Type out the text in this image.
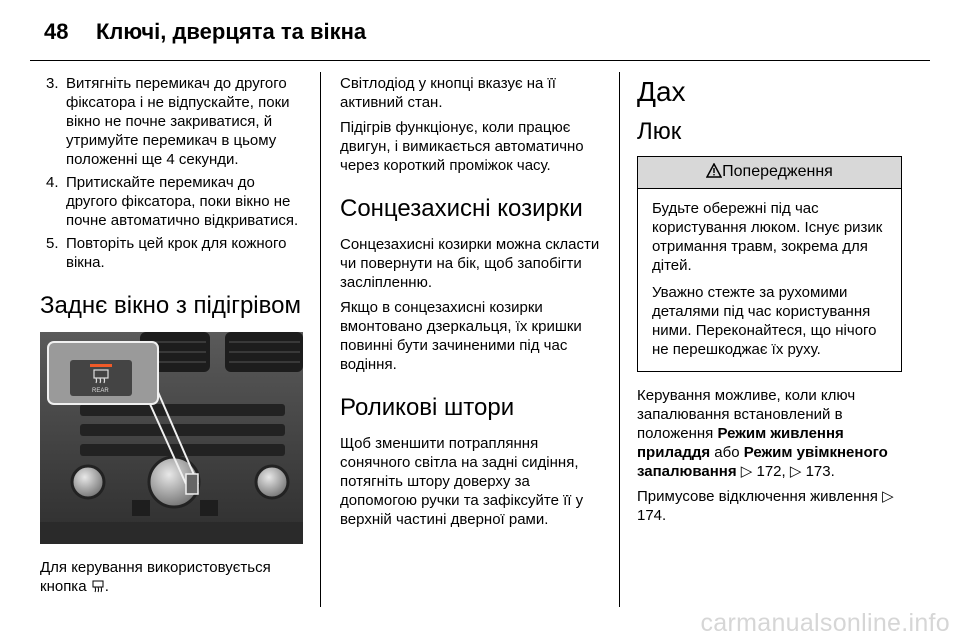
48	Ключі, дверцята та вікна
3. Витягніть перемикач до другого фіксатора і не відпускайте, поки вікно не почне закриватися, й утримуйте перемикач в цьому положенні ще 4 секунди.
4. Притискайте перемикач до другого фіксатора, поки вікно не почне автоматично відкриватися.
5. Повторіть цей крок для кожного вікна.
Заднє вікно з підігрівом
REAR

Для керування використовується кнопка .

Світлодіод у кнопці вказує на її активний стан.

Підігрів функціонує, коли працює двигун, і вимикається автоматично через короткий проміжок часу.

Сонцезахисні козирки

Сонцезахисні козирки можна скласти чи повернути на бік, щоб запобігти засліпленню.

Якщо в сонцезахисні козирки вмонтовано дзеркальця, їх кришки повинні бути зачиненими під час водіння.

Роликові штори

Щоб зменшити потрапляння сонячного світла на задні сидіння, потягніть штору доверху за допомогою ручки та зафіксуйте її у верхній частині дверної рами.

Дах
Люк
Попередження

Будьте обережні під час користування люком. Існує ризик отримання травм, зокрема для дітей.

Уважно стежте за рухомими деталями під час користування ними. Переконайтеся, що нічого не перешкоджає їх руху.

Керування можливе, коли ключ запалювання встановлений в положення Режим живлення приладдя або Режим увімкненого запалювання ▷ 172, ▷ 173.

Примусове відключення живлення ▷ 174.

carmanualsonline.info
